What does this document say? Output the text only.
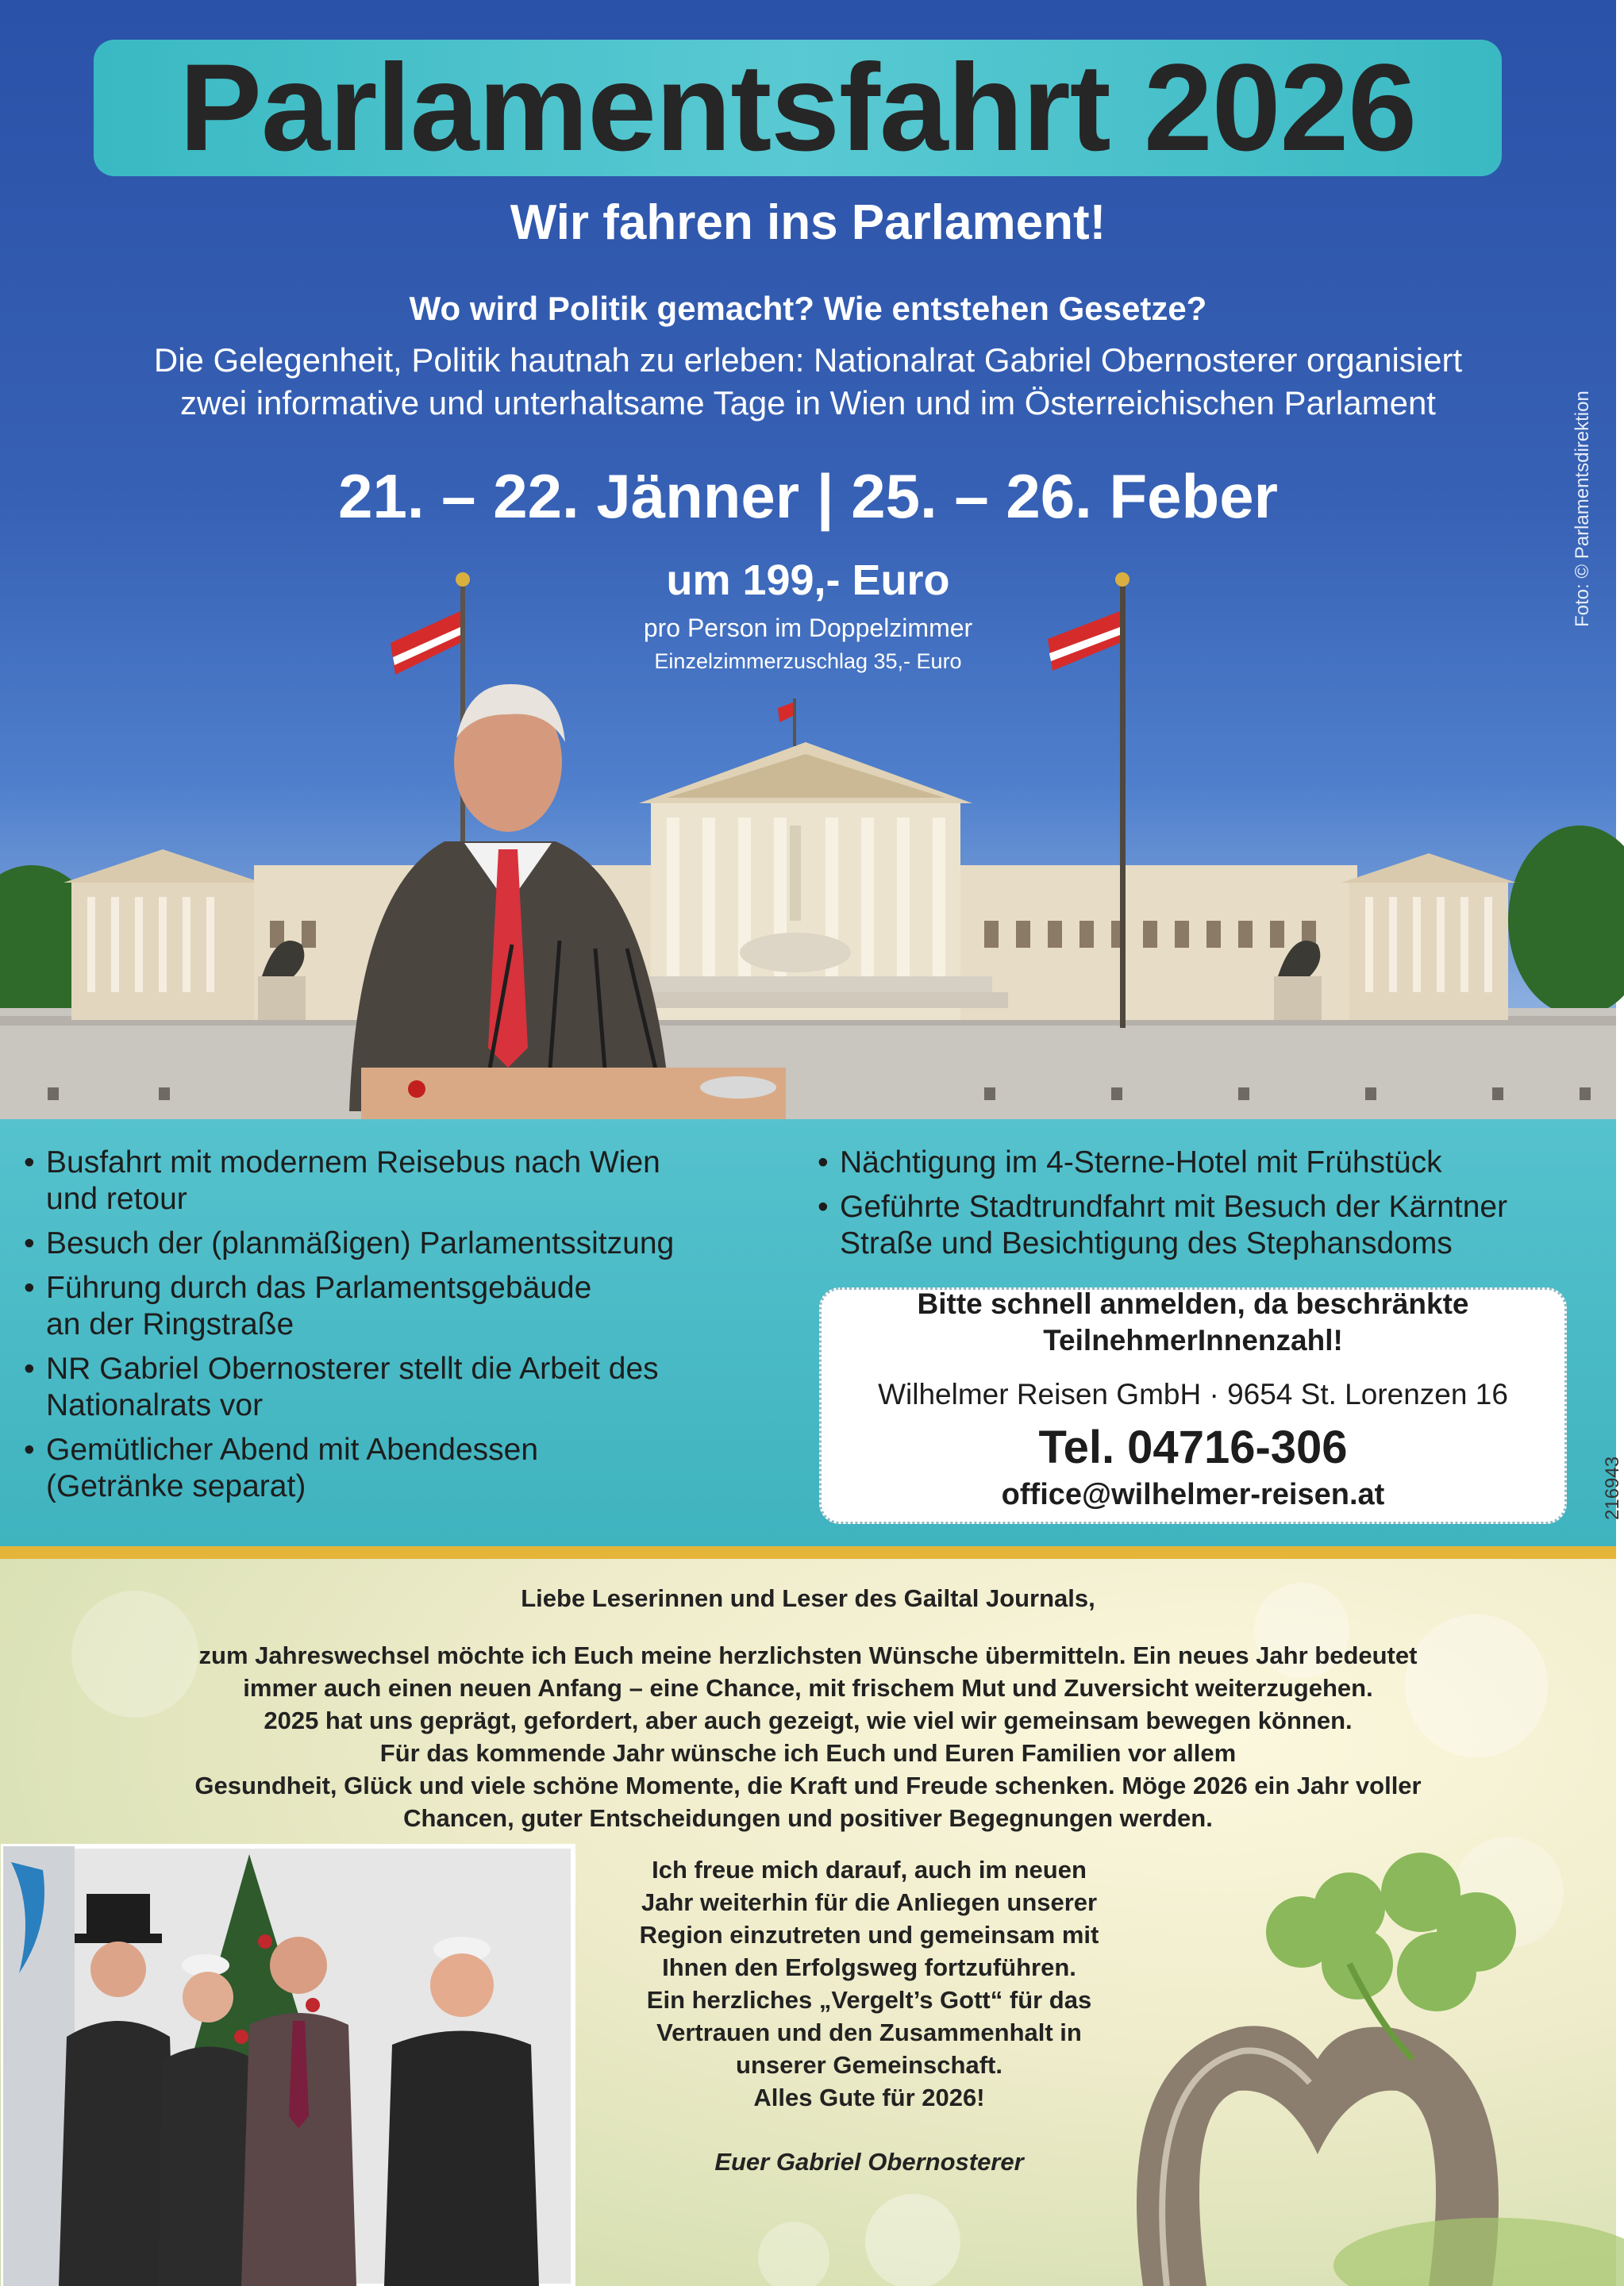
Parlamentsfahrt 2026
Wir fahren ins Parlament!
Wo wird Politik gemacht? Wie entstehen Gesetze?
Die Gelegenheit, Politik hautnah zu erleben: Nationalrat Gabriel Obernosterer organisiert
zwei informative und unterhaltsame Tage in Wien und im Österreichischen Parlament
21. – 22. Jänner | 25. – 26. Feber
um 199,- Euro
pro Person im Doppelzimmer
Einzelzimmerzuschlag 35,- Euro
Foto: © Parlamentsdirektion
• Busfahrt mit modernem Reisebus nach Wien
und retour
• Besuch der (planmäßigen) Parlamentssitzung
• Führung durch das Parlamentsgebäude
an der Ringstraße
• NR Gabriel Obernosterer stellt die Arbeit des
Nationalrats vor
• Gemütlicher Abend mit Abendessen
(Getränke separat)
• Nächtigung im 4-Sterne-Hotel mit Frühstück
• Geführte Stadtrundfahrt mit Besuch der Kärntner
Straße und Besichtigung des Stephansdoms
Bitte schnell anmelden, da beschränkte
TeilnehmerInnenzahl!
Wilhelmer Reisen GmbH · 9654 St. Lorenzen 16
Tel. 04716-306
office@wilhelmer-reisen.at	216943
Liebe Leserinnen und Leser des Gailtal Journals,
zum Jahreswechsel möchte ich Euch meine herzlichsten Wünsche übermitteln. Ein neues Jahr bedeutet
immer auch einen neuen Anfang – eine Chance, mit frischem Mut und Zuversicht weiterzugehen.
2025 hat uns geprägt, gefordert, aber auch gezeigt, wie viel wir gemeinsam bewegen können.
Für das kommende Jahr wünsche ich Euch und Euren Familien vor allem
Gesundheit, Glück und viele schöne Momente, die Kraft und Freude schenken. Möge 2026 ein Jahr voller
Chancen, guter Entscheidungen und positiver Begegnungen werden.
Ich freue mich darauf, auch im neuen
Jahr weiterhin für die Anliegen unserer
Region einzutreten und gemeinsam mit
Ihnen den Erfolgsweg fortzuführen.
Ein herzliches „Vergelt’s Gott“ für das
Vertrauen und den Zusammenhalt in
unserer Gemeinschaft.
Alles Gute für 2026!
Euer Gabriel Obernosterer
